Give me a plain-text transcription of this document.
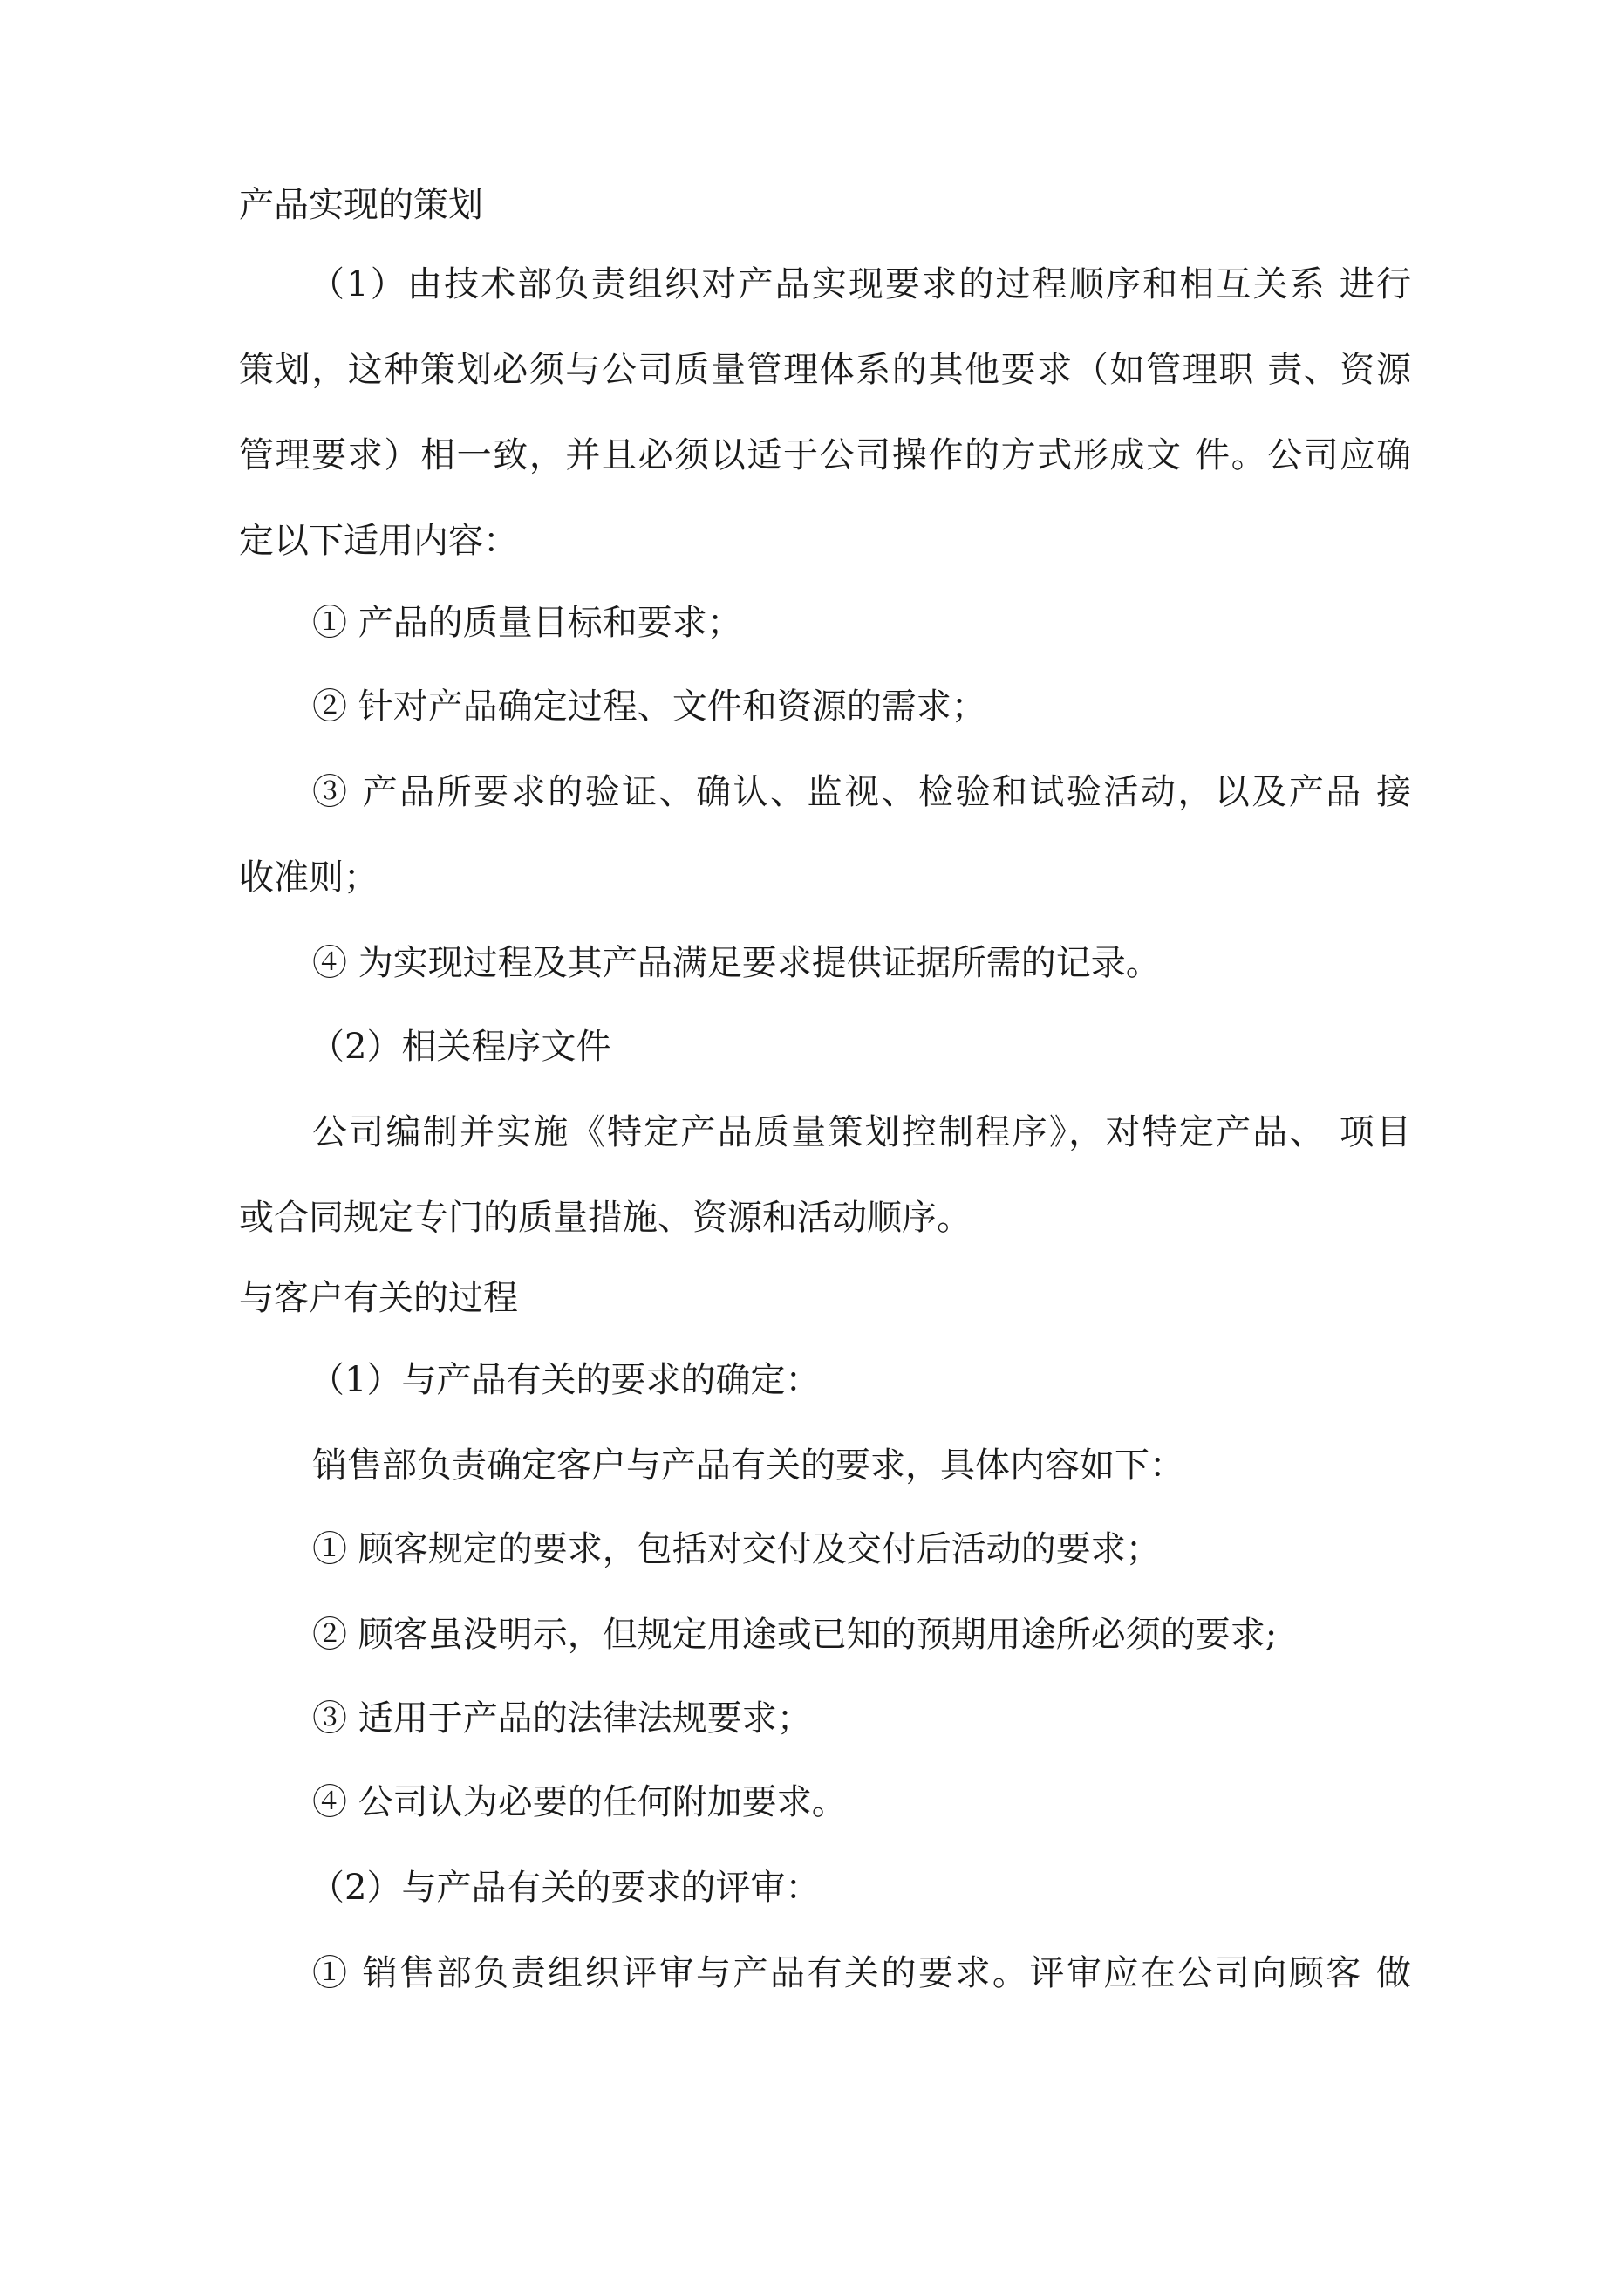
产品实现的策划
（1）由技术部负责组织对产品实现要求的过程顺序和相互关系 进行
策划，这种策划必须与公司质量管理体系的其他要求（如管理职 责、资源
管理要求）相一致，并且必须以适于公司操作的方式形成文 件。公司应确
定以下适用内容：
① 产品的质量目标和要求；
② 针对产品确定过程、文件和资源的需求；
③ 产品所要求的验证、确认、监视、检验和试验活动，以及产品 接
收准则；
④ 为实现过程及其产品满足要求提供证据所需的记录。
（2）相关程序文件
公司编制并实施《特定产品质量策划控制程序》，对特定产品、 项目
或合同规定专门的质量措施、资源和活动顺序。
与客户有关的过程
（1）与产品有关的要求的确定：
销售部负责确定客户与产品有关的要求，具体内容如下：
① 顾客规定的要求，包括对交付及交付后活动的要求；
② 顾客虽没明示，但规定用途或已知的预期用途所必须的要求;
③ 适用于产品的法律法规要求；
④ 公司认为必要的任何附加要求。
（2）与产品有关的要求的评审：
① 销售部负责组织评审与产品有关的要求。评审应在公司向顾客 做
